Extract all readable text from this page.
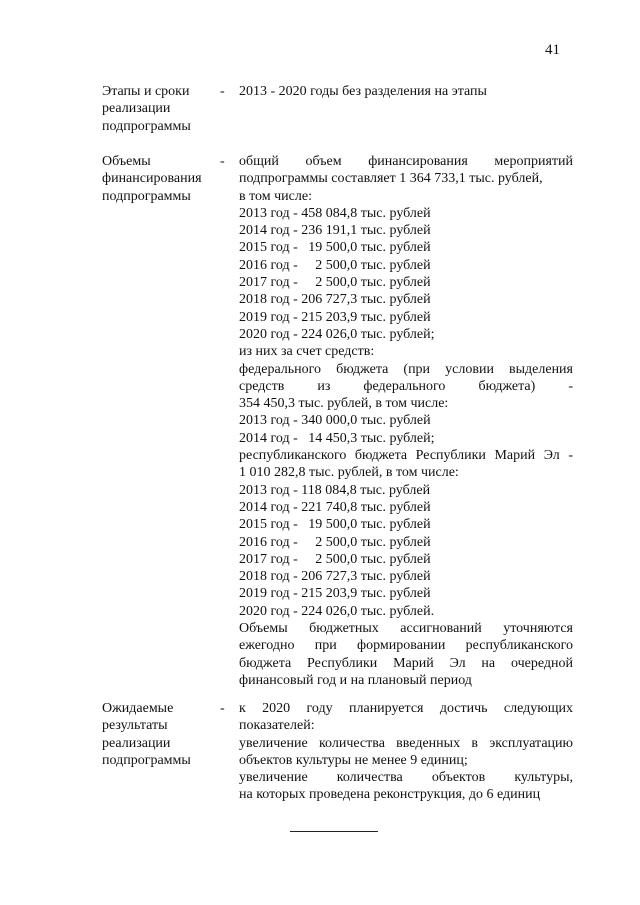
41
Этапы и сроки
реализации
подпрограммы
- 2013 - 2020 годы без разделения на этапы
Объемы
финансирования
подпрограммы
- общий объем финансирования мероприятий
подпрограммы составляет 1 364 733,1 тыс. рублей,
в том числе:
2013 год - 458 084,8 тыс. рублей
2014 год - 236 191,1 тыс. рублей
2015 год -   19 500,0 тыс. рублей
2016 год -     2 500,0 тыс. рублей
2017 год -     2 500,0 тыс. рублей
2018 год - 206 727,3 тыс. рублей
2019 год - 215 203,9 тыс. рублей
2020 год - 224 026,0 тыс. рублей;
из них за счет средств:
федерального бюджета (при условии выделения
средств из федерального бюджета) -
354 450,3 тыс. рублей, в том числе:
2013 год - 340 000,0 тыс. рублей
2014 год -   14 450,3 тыс. рублей;
республиканского бюджета Республики Марий Эл -
1 010 282,8 тыс. рублей, в том числе:
2013 год - 118 084,8 тыс. рублей
2014 год - 221 740,8 тыс. рублей
2015 год -   19 500,0 тыс. рублей
2016 год -     2 500,0 тыс. рублей
2017 год -     2 500,0 тыс. рублей
2018 год - 206 727,3 тыс. рублей
2019 год - 215 203,9 тыс. рублей
2020 год - 224 026,0 тыс. рублей.
Объемы бюджетных ассигнований уточняются
ежегодно при формировании республиканского
бюджета Республики Марий Эл на очередной
финансовый год и на плановый период
Ожидаемые
результаты
реализации
подпрограммы
- к 2020 году планируется достичь следующих
показателей:
увеличение количества введенных в эксплуатацию
объектов культуры не менее 9 единиц;
увеличение количества объектов культуры,
на которых проведена реконструкция, до 6 единиц
